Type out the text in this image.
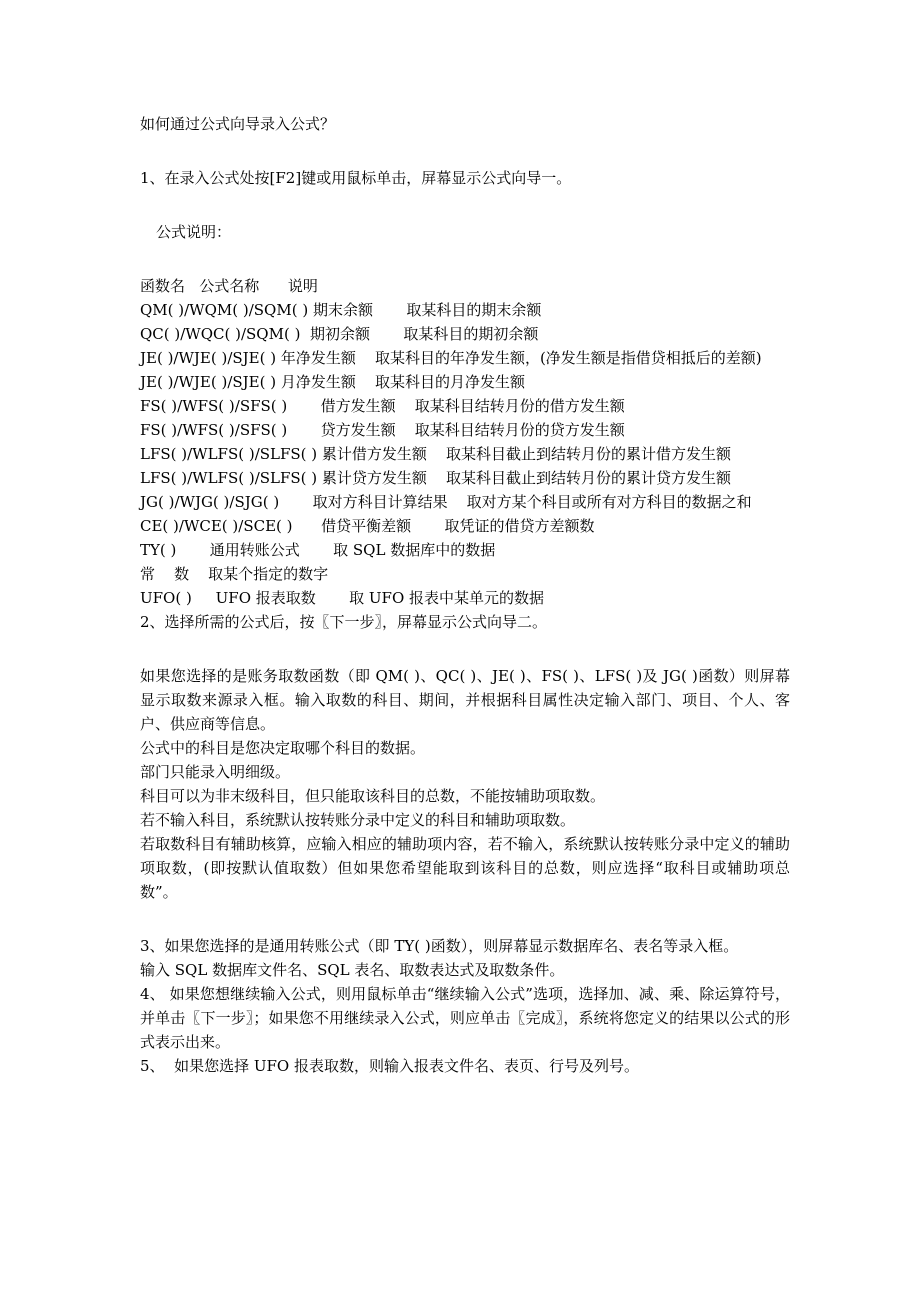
如何通过公式向导录入公式？
1、在录入公式处按[F2]键或用鼠标单击，屏幕显示公式向导一。
公式说明：
函数名   公式名称      说明
QM( )/WQM( )/SQM( ) 期末余额       取某科目的期末余额
QC( )/WQC( )/SQM( )  期初余额       取某科目的期初余额
JE( )/WJE( )/SJE( ) 年净发生额    取某科目的年净发生额，(净发生额是指借贷相抵后的差额)
JE( )/WJE( )/SJE( ) 月净发生额    取某科目的月净发生额
FS( )/WFS( )/SFS( )       借方发生额    取某科目结转月份的借方发生额
FS( )/WFS( )/SFS( )       贷方发生额    取某科目结转月份的贷方发生额
LFS( )/WLFS( )/SLFS( ) 累计借方发生额    取某科目截止到结转月份的累计借方发生额
LFS( )/WLFS( )/SLFS( ) 累计贷方发生额    取某科目截止到结转月份的累计贷方发生额
JG( )/WJG( )/SJG( )       取对方科目计算结果    取对方某个科目或所有对方科目的数据之和
CE( )/WCE( )/SCE( )      借贷平衡差额       取凭证的借贷方差额数
TY( )       通用转账公式       取 SQL 数据库中的数据
常    数    取某个指定的数字
UFO( )     UFO 报表取数       取 UFO 报表中某单元的数据
2、选择所需的公式后，按〖下一步〗，屏幕显示公式向导二。
如果您选择的是账务取数函数（即 QM( )、QC( )、JE( )、FS( )、LFS( )及 JG( )函数）则屏幕显示取数来源录入框。输入取数的科目、期间，并根据科目属性决定输入部门、项目、个人、客户、供应商等信息。
公式中的科目是您决定取哪个科目的数据。
部门只能录入明细级。
科目可以为非末级科目，但只能取该科目的总数，不能按辅助项取数。
若不输入科目，系统默认按转账分录中定义的科目和辅助项取数。
若取数科目有辅助核算，应输入相应的辅助项内容，若不输入，系统默认按转账分录中定义的辅助项取数，(即按默认值取数）但如果您希望能取到该科目的总数，则应选择“取科目或辅助项总数”。
3、如果您选择的是通用转账公式（即 TY( )函数），则屏幕显示数据库名、表名等录入框。
输入 SQL 数据库文件名、SQL 表名、取数表达式及取数条件。
4、 如果您想继续输入公式，则用鼠标单击“继续输入公式”选项，选择加、减、乘、除运算符号，并单击〖下一步〗；如果您不用继续录入公式，则应单击〖完成〗，系统将您定义的结果以公式的形式表示出来。
5、  如果您选择 UFO 报表取数，则输入报表文件名、表页、行号及列号。
